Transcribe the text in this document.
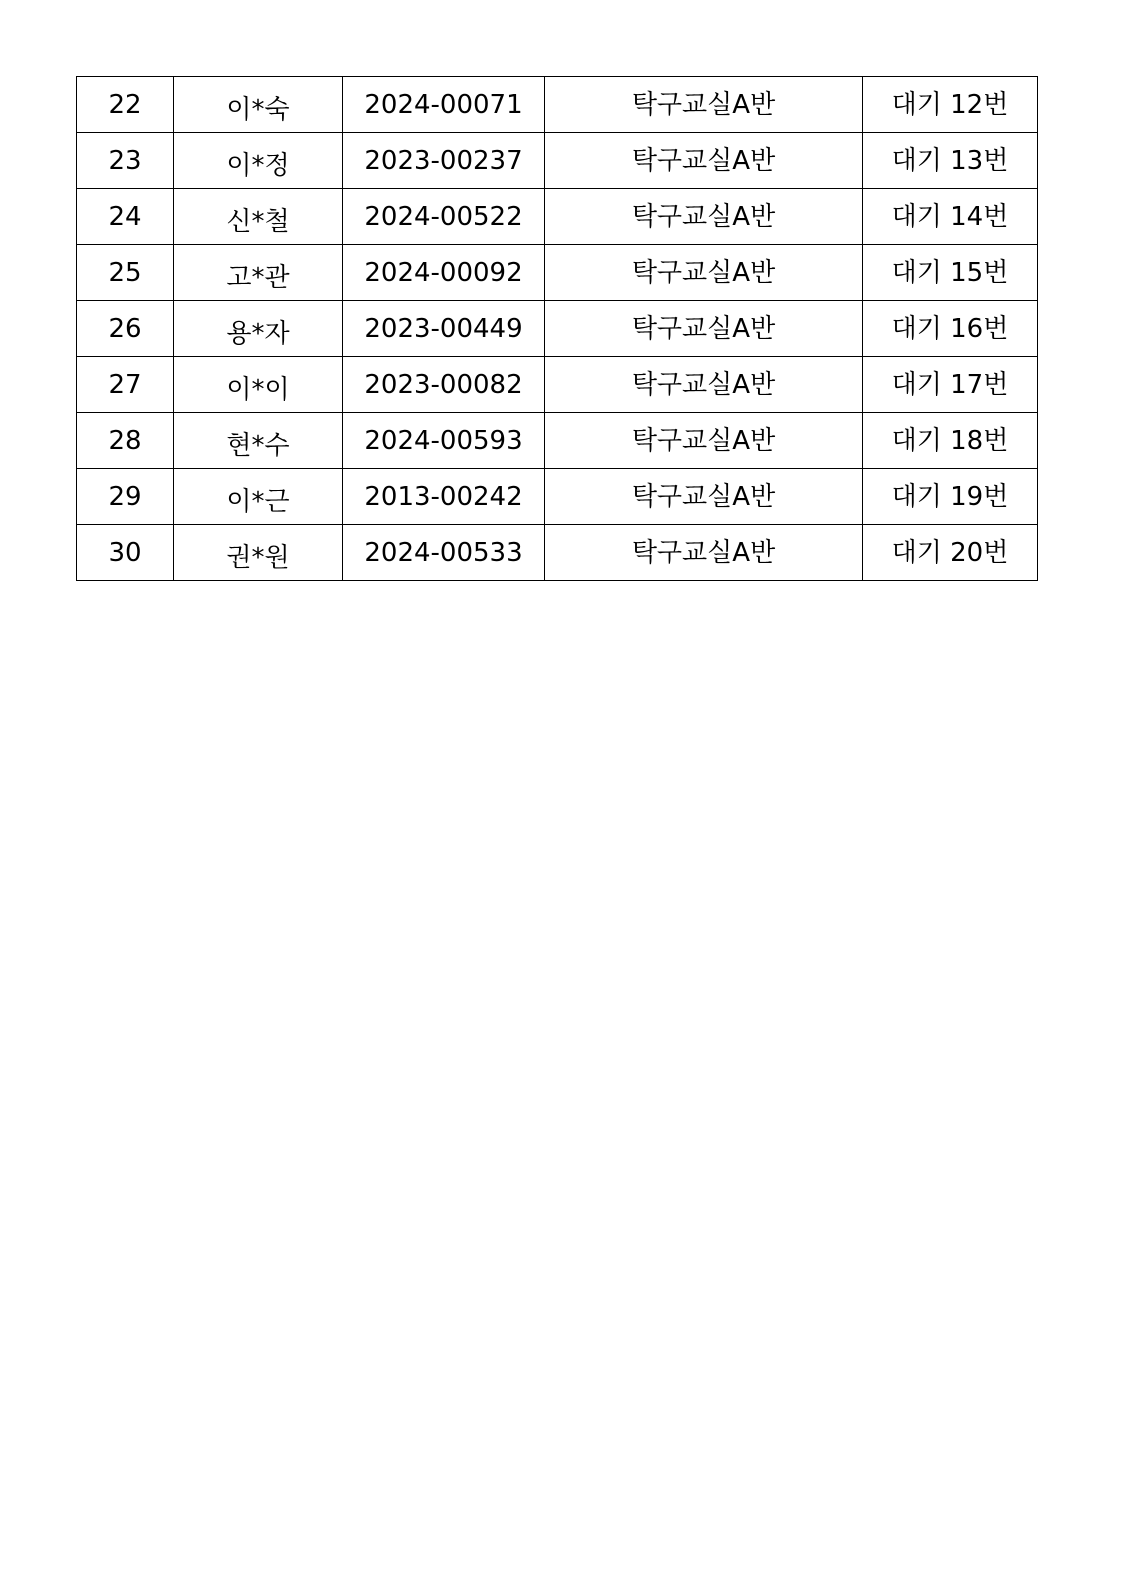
22	이*숙	2024-00071	탁구교실A반	대기 12번
23	이*정	2023-00237	탁구교실A반	대기 13번
24	신*철	2024-00522	탁구교실A반	대기 14번
25	고*관	2024-00092	탁구교실A반	대기 15번
26	용*자	2023-00449	탁구교실A반	대기 16번
27	이*이	2023-00082	탁구교실A반	대기 17번
28	현*수	2024-00593	탁구교실A반	대기 18번
29	이*근	2013-00242	탁구교실A반	대기 19번
30	권*원	2024-00533	탁구교실A반	대기 20번
